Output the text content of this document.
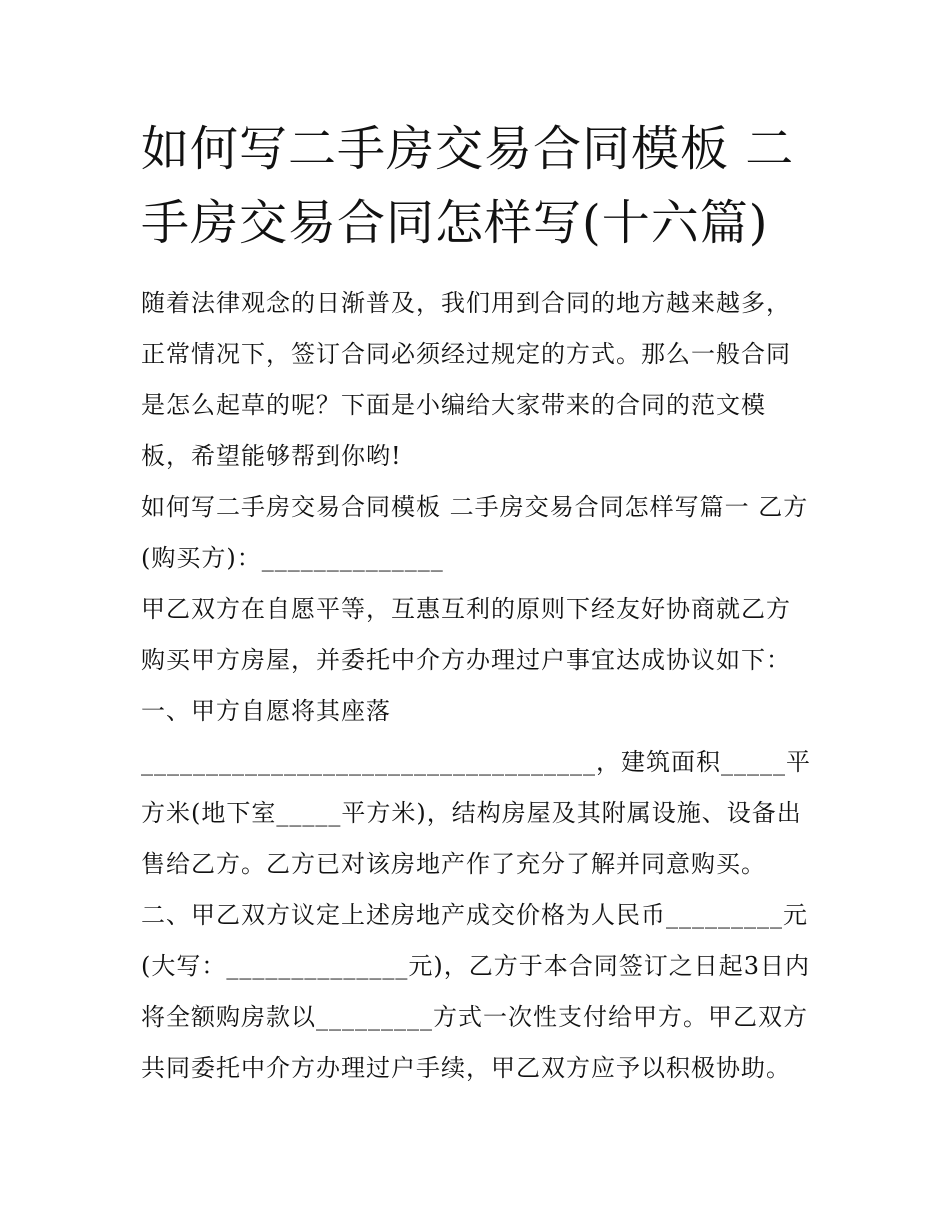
如何写二手房交易合同模板 二手房交易合同怎样写(十六篇)

随着法律观念的日渐普及，我们用到合同的地方越来越多，正常情况下，签订合同必须经过规定的方式。那么一般合同是怎么起草的呢？下面是小编给大家带来的合同的范文模板，希望能够帮到你哟!

如何写二手房交易合同模板 二手房交易合同怎样写篇一 乙方(购买方)：______________

甲乙双方在自愿平等，互惠互利的原则下经友好协商就乙方购买甲方房屋，并委托中介方办理过户事宜达成协议如下：

一、甲方自愿将其座落

___________________________________，建筑面积_____平方米(地下室_____平方米)，结构房屋及其附属设施、设备出售给乙方。乙方已对该房地产作了充分了解并同意购买。

二、甲乙双方议定上述房地产成交价格为人民币_________元(大写：______________元)，乙方于本合同签订之日起3日内将全额购房款以_________方式一次性支付给甲方。甲乙双方共同委托中介方办理过户手续，甲乙双方应予以积极协助。
